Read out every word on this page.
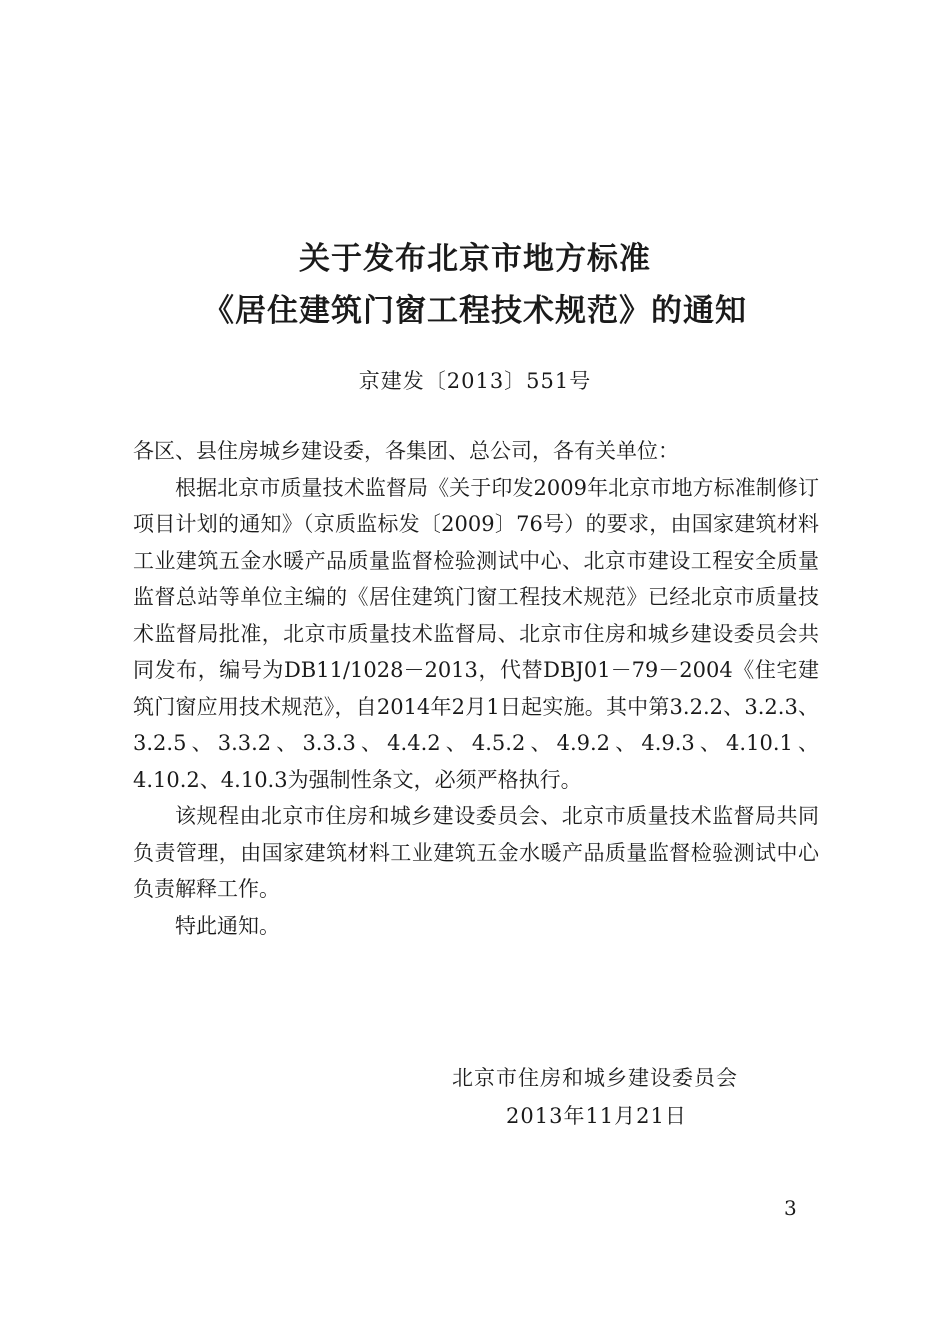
关于发布北京市地方标准
《居住建筑门窗工程技术规范》的通知
京建发〔2013〕551号

各区、县住房城乡建设委，各集团、总公司，各有关单位：

根据北京市质量技术监督局《关于印发2009年北京市地方标准制修订项目计划的通知》（京质监标发〔2009〕76号）的要求，由国家建筑材料工业建筑五金水暖产品质量监督检验测试中心、北京市建设工程安全质量监督总站等单位主编的《居住建筑门窗工程技术规范》已经北京市质量技术监督局批准，北京市质量技术监督局、北京市住房和城乡建设委员会共同发布，编号为DB11/1028－2013，代替DBJ01－79－2004《住宅建筑门窗应用技术规范》，自2014年2月1日起实施。其中第3.2.2、3.2.3、3.2.5、3.3.2、3.3.3、4.4.2、4.5.2、4.9.2、4.9.3、4.10.1、4.10.2、4.10.3为强制性条文，必须严格执行。

该规程由北京市住房和城乡建设委员会、北京市质量技术监督局共同负责管理，由国家建筑材料工业建筑五金水暖产品质量监督检验测试中心负责解释工作。

特此通知。

北京市住房和城乡建设委员会
2013年11月21日
3
